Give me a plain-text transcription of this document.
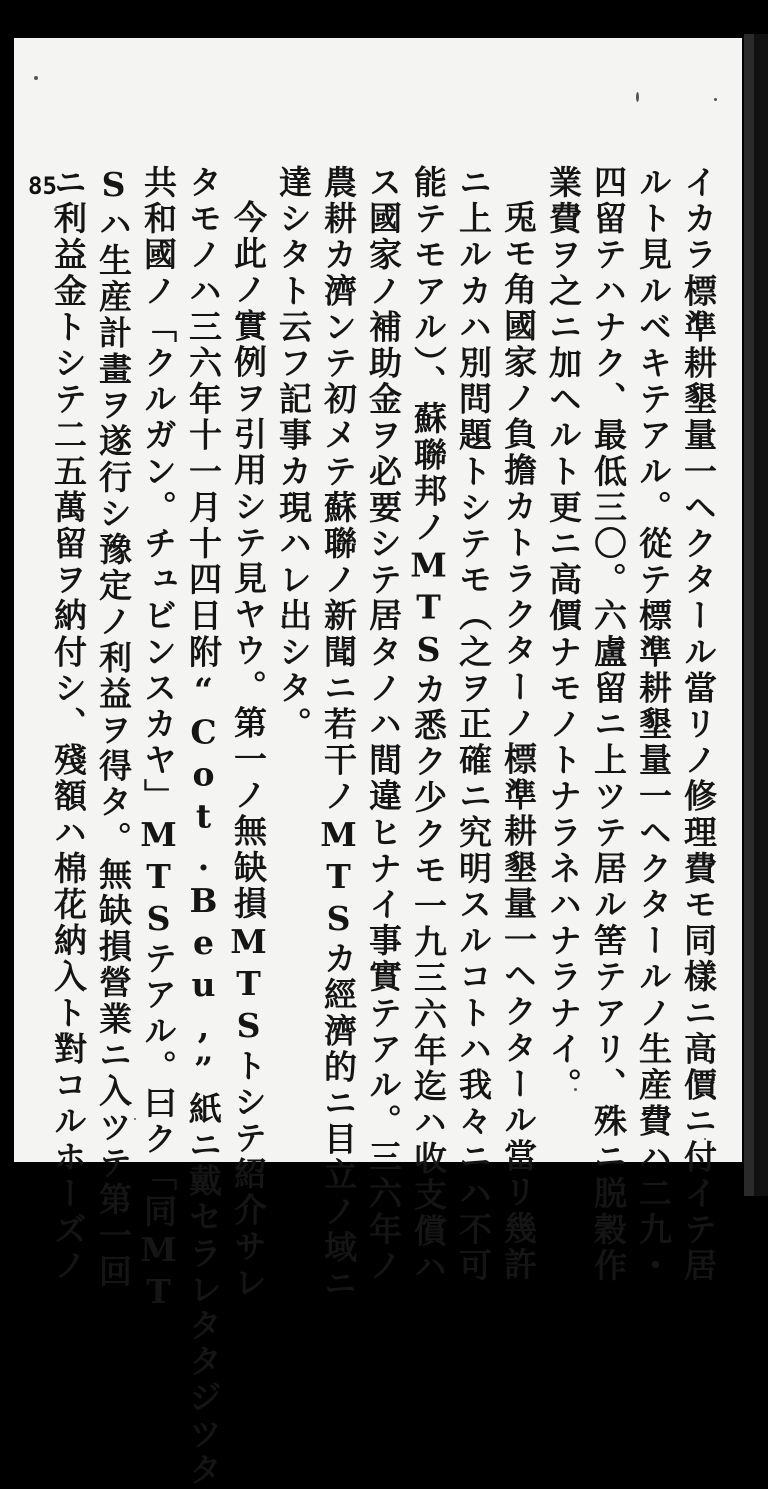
85	イカラ標準耕墾量一ヘクタール當リノ修理費モ同樣ニ高價ニ付イテ居
ルト見ルベキテアル。從テ標準耕墾量一ヘクタールノ生産費ハ二九・
四留テハナク、最低三〇。六盧留ニ上ツテ居ル筈テアリ、殊ニ脱穀作
業費ヲ之ニ加ヘルト更ニ高價ナモノトナラネハナラナイ。
兎モ角國家ノ負擔カトラクターノ標準耕墾量一ヘクタール當リ幾許
ニ上ルカハ別問題トシテモ（之ヲ正確ニ究明スルコトハ我々ニハ不可
能テモアル）、蘇聯邦ノMTSカ悉ク少クモ一九三六年迄ハ收支償ハ
ス國家ノ補助金ヲ必要シテ居タノハ間違ヒナイ事實テアル。三六年ノ
農耕カ濟ンテ初メテ蘇聯ノ新聞ニ若干ノMTSカ經濟的ニ目立ノ域ニ
達シタト云フ記事カ現ハレ出シタ。
今此ノ實例ヲ引用シテ見ヤウ。第一ノ無缺損MTSトシテ紹介サレ
タモノハ三六年十一月十四日附“Cot.Beu,”紙ニ戴セラレタタジツタ
共和國ノ「クルガン。チュビンスカヤ」MTSテアル。曰ク「同MT
Sハ生産計畫ヲ遂行シ豫定ノ利益ヲ得タ。無缺損營業ニ入ツテ第一回
ニ利益金トシテ二五萬留ヲ納付シ、殘額ハ棉花納入ト對コルホーズノ
